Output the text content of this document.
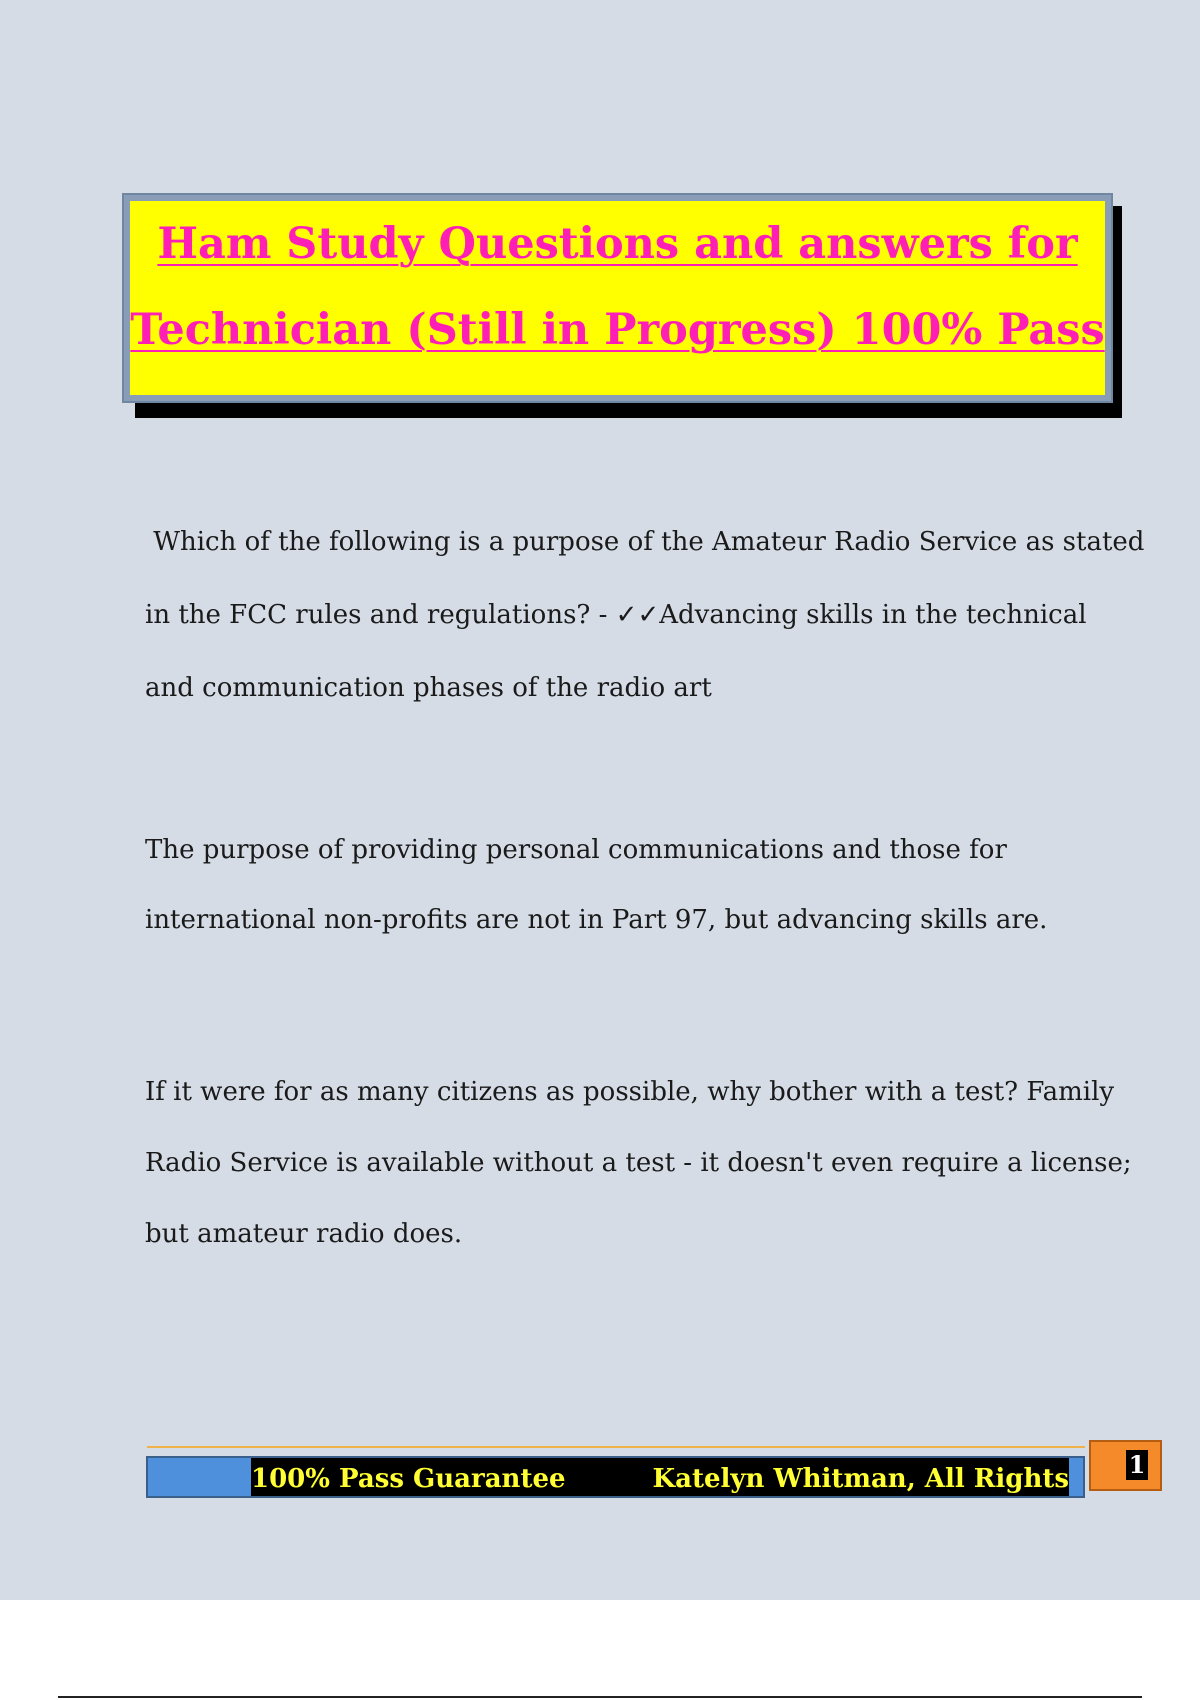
Ham Study Questions and answers for
Technician (Still in Progress) 100% Pass

Which of the following is a purpose of the Amateur Radio Service as stated
in the FCC rules and regulations? - ✓✓Advancing skills in the technical
and communication phases of the radio art

The purpose of providing personal communications and those for
international non-profits are not in Part 97, but advancing skills are.

If it were for as many citizens as possible, why bother with a test? Family
Radio Service is available without a test - it doesn't even require a license;
but amateur radio does.

100% Pass Guarantee	Katelyn Whitman, All Rights 1
